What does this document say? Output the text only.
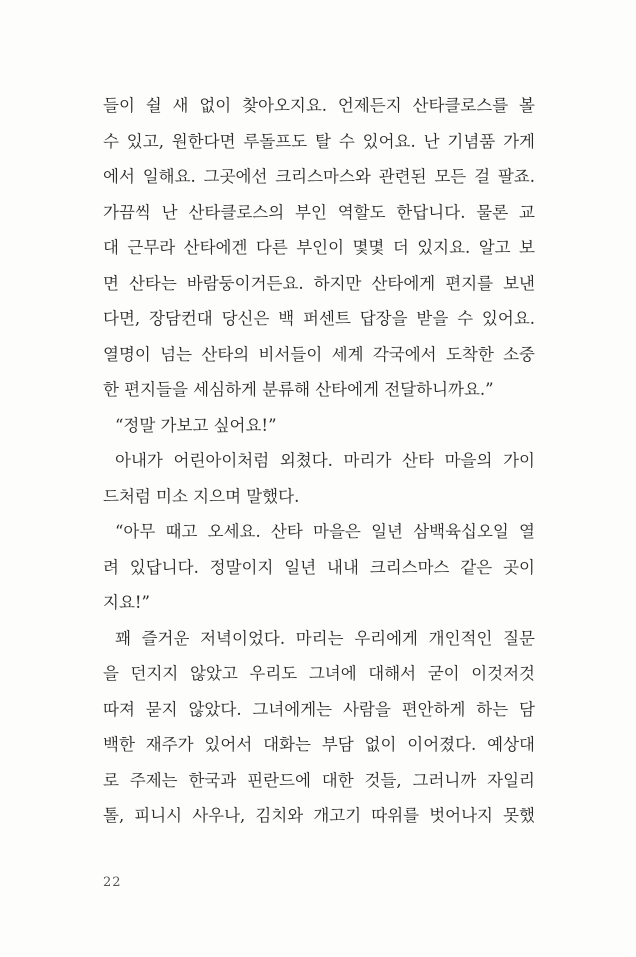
들이 쉴 새 없이 찾아오지요. 언제든지 산타클로스를 볼
수 있고, 원한다면 루돌프도 탈 수 있어요. 난 기념품 가게
에서 일해요. 그곳에선 크리스마스와 관련된 모든 걸 팔죠.
가끔씩 난 산타클로스의 부인 역할도 한답니다. 물론 교
대 근무라 산타에겐 다른 부인이 몇몇 더 있지요. 알고 보
면 산타는 바람둥이거든요. 하지만 산타에게 편지를 보낸
다면, 장담컨대 당신은 백 퍼센트 답장을 받을 수 있어요.
열명이 넘는 산타의 비서들이 세계 각국에서 도착한 소중
한 편지들을 세심하게 분류해 산타에게 전달하니까요.”
“정말 가보고 싶어요!”
아내가 어린아이처럼 외쳤다. 마리가 산타 마을의 가이
드처럼 미소 지으며 말했다.
“아무 때고 오세요. 산타 마을은 일년 삼백육십오일 열
려 있답니다. 정말이지 일년 내내 크리스마스 같은 곳이
지요!”
꽤 즐거운 저녁이었다. 마리는 우리에게 개인적인 질문
을 던지지 않았고 우리도 그녀에 대해서 굳이 이것저것
따져 묻지 않았다. 그녀에게는 사람을 편안하게 하는 담
백한 재주가 있어서 대화는 부담 없이 이어졌다. 예상대
로 주제는 한국과 핀란드에 대한 것들, 그러니까 자일리
톨, 피니시 사우나, 김치와 개고기 따위를 벗어나지 못했
22
